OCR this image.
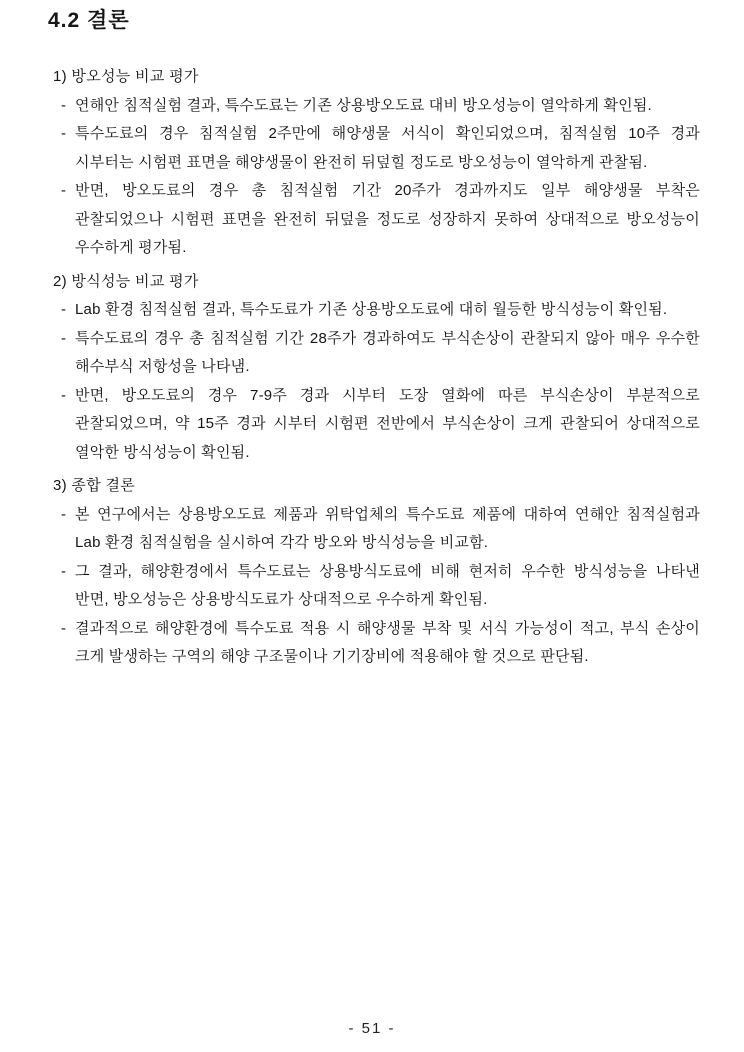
4.2 결론
1) 방오성능 비교 평가
- 연해안 침적실험 결과, 특수도료는 기존 상용방오도료 대비 방오성능이 열악하게 확인됨.
- 특수도료의 경우 침적실험 2주만에 해양생물 서식이 확인되었으며, 침적실험 10주 경과 시부터는 시험편 표면을 해양생물이 완전히 뒤덮힐 정도로 방오성능이 열악하게 관찰됨.
- 반면, 방오도료의 경우 총 침적실험 기간 20주가 경과까지도 일부 해양생물 부착은 관찰되었으나 시험편 표면을 완전히 뒤덮을 정도로 성장하지 못하여 상대적으로 방오성능이 우수하게 평가됨.
2) 방식성능 비교 평가
- Lab 환경 침적실험 결과, 특수도료가 기존 상용방오도료에 대히 월등한 방식성능이 확인됨.
- 특수도료의 경우 총 침적실험 기간 28주가 경과하여도 부식손상이 관찰되지 않아 매우 우수한 해수부식 저항성을 나타냄.
- 반면, 방오도료의 경우 7-9주 경과 시부터 도장 열화에 따른 부식손상이 부분적으로 관찰되었으며, 약 15주 경과 시부터 시험편 전반에서 부식손상이 크게 관찰되어 상대적으로 열악한 방식성능이 확인됨.
3) 종합 결론
- 본 연구에서는 상용방오도료 제품과 위탁업체의 특수도료 제품에 대하여 연해안 침적실험과 Lab 환경 침적실험을 실시하여 각각 방오와 방식성능을 비교함.
- 그 결과, 해양환경에서 특수도료는 상용방식도료에 비해 현저히 우수한 방식성능을 나타낸 반면, 방오성능은 상용방식도료가 상대적으로 우수하게 확인됨.
- 결과적으로 해양환경에 특수도료 적용 시 해양생물 부착 및 서식 가능성이 적고, 부식 손상이 크게 발생하는 구역의 해양 구조물이나 기기장비에 적용해야 할 것으로 판단됨.
- 51 -
